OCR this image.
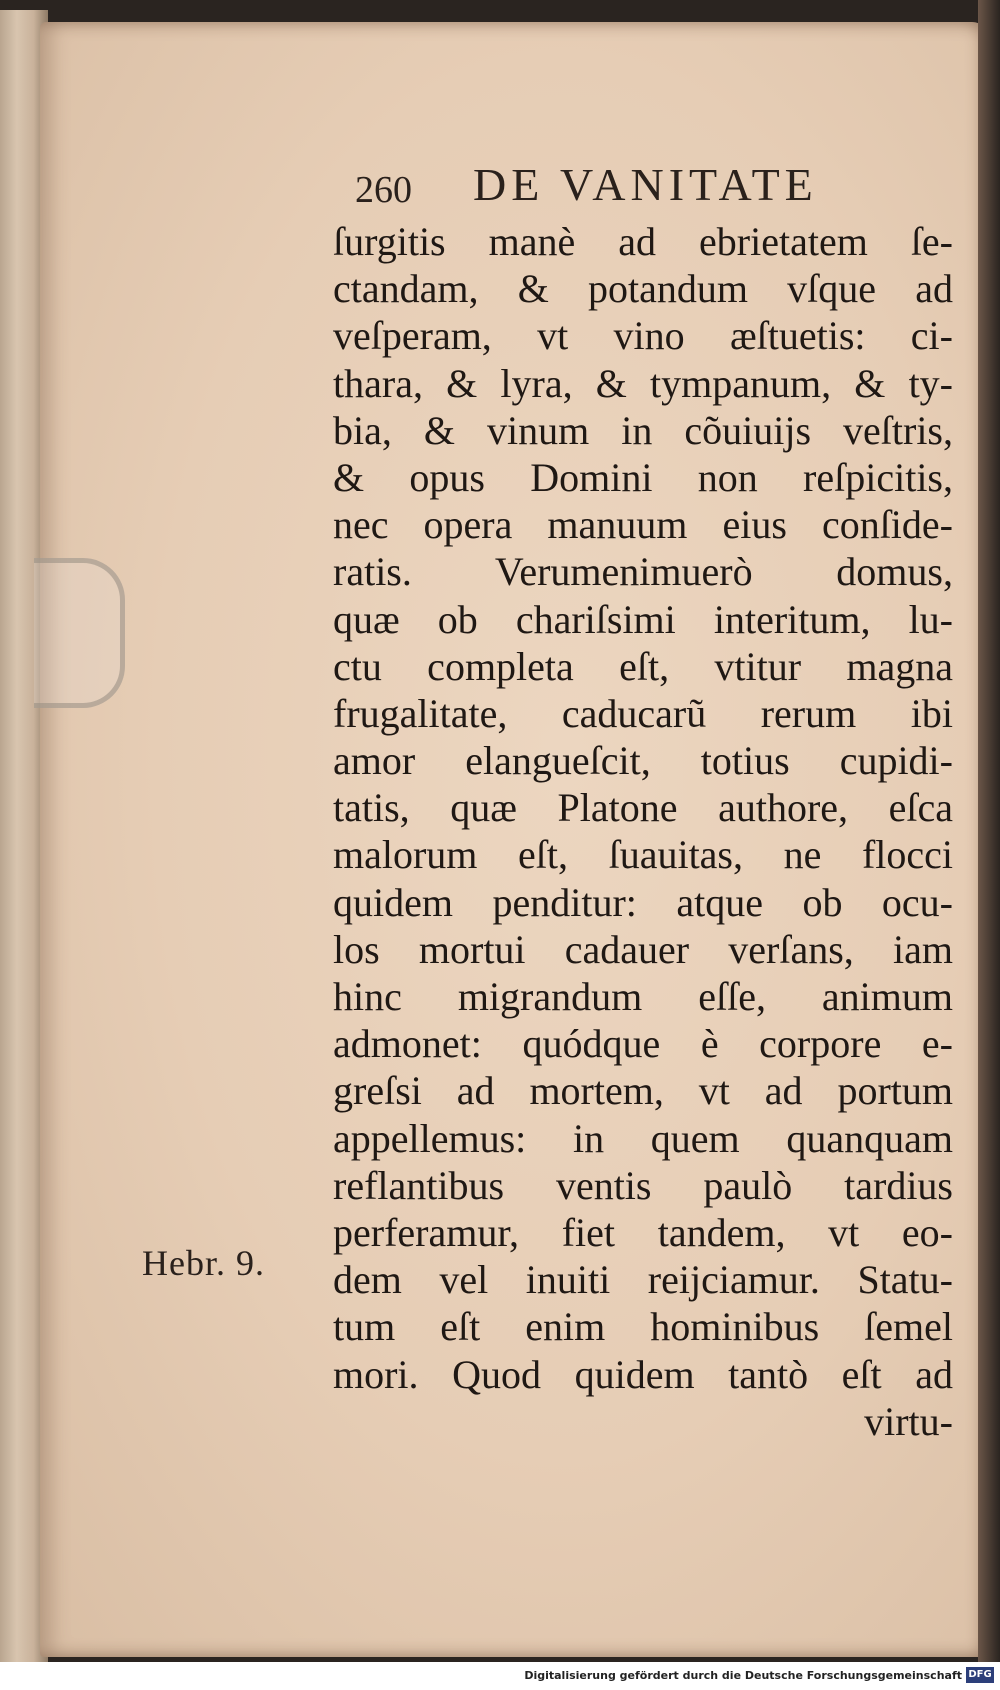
260 DE VANITATE
ſurgitis manè ad ebrietatem ſe-
ctandam, & potandum vſque ad
veſperam, vt vino æſtuetis: ci-
thara, & lyra, & tympanum, & ty-
bia, & vinum in cõuiuijs veſtris,
& opus Domini non reſpicitis,
nec opera manuum eius conſide-
ratis. Verumenimuerò domus,
quæ ob chariſsimi interitum, lu-
ctu completa eſt, vtitur magna
frugalitate, caducarũ rerum ibi
amor elangueſcit, totius cupidi-
tatis, quæ Platone authore, eſca
malorum eſt, ſuauitas, ne flocci
quidem penditur: atque ob ocu-
los mortui cadauer verſans, iam
hinc migrandum eſſe, animum
admonet: quódque è corpore e-
greſsi ad mortem, vt ad portum
appellemus: in quem quanquam
reflantibus ventis paulò tardius
perferamur, fiet tandem, vt eo-
dem vel inuiti reijciamur. Statu-
tum eſt enim hominibus ſemel
mori. Quod quidem tantò eſt ad
virtu-
Hebr. 9.
Digitalisierung gefördert durch die Deutsche Forschungsgemeinschaft DFG
